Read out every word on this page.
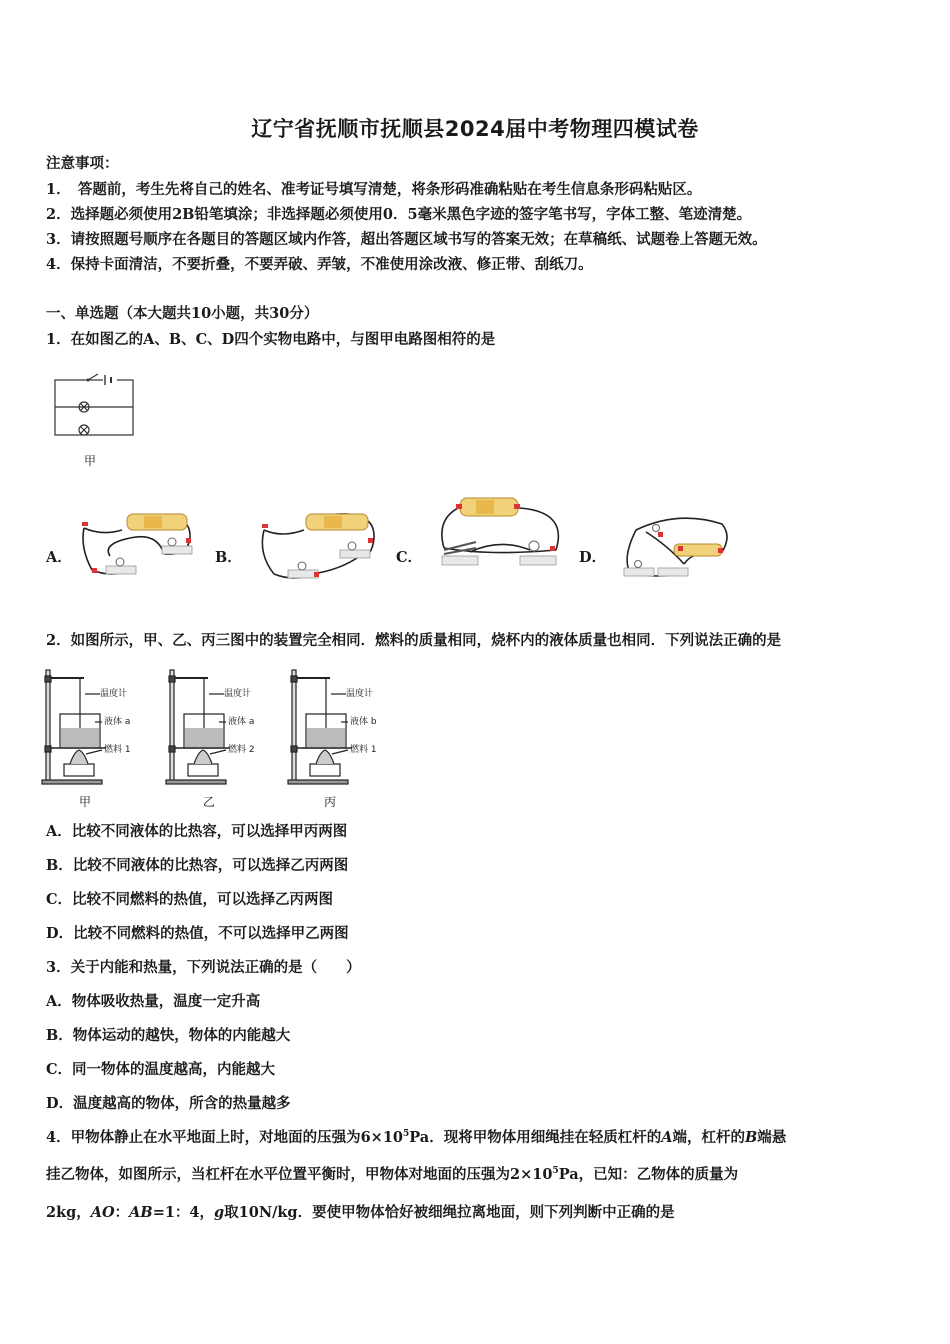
辽宁省抚顺市抚顺县2024届中考物理四模试卷
注意事项：
1．　答题前，考生先将自己的姓名、准考证号填写清楚，将条形码准确粘贴在考生信息条形码粘贴区。
2．选择题必须使用2B铅笔填涂；非选择题必须使用0．5毫米黑色字迹的签字笔书写，字体工整、笔迹清楚。
3．请按照题号顺序在各题目的答题区域内作答，超出答题区域书写的答案无效；在草稿纸、试题卷上答题无效。
4．保持卡面清洁，不要折叠，不要弄破、弄皱，不准使用涂改液、修正带、刮纸刀。
一、单选题（本大题共10小题，共30分）
1．在如图乙的A、B、C、D四个实物电路中，与图甲电路图相符的是
甲
A．	B．	C．	D．
2．如图所示，甲、乙、丙三图中的装置完全相同．燃料的质量相同，烧杯内的液体质量也相同．下列说法正确的是
温度计
液体 a
燃料 1
甲
温度计
液体 a
燃料 2
乙
温度计
液体 b
燃料 1
丙
A．比较不同液体的比热容，可以选择甲丙两图
B．比较不同液体的比热容，可以选择乙丙两图
C．比较不同燃料的热值，可以选择乙丙两图
D．比较不同燃料的热值，不可以选择甲乙两图
3．关于内能和热量，下列说法正确的是（　　）
A．物体吸收热量，温度一定升高
B．物体运动的越快，物体的内能越大
C．同一物体的温度越高，内能越大
D．温度越高的物体，所含的热量越多
4．甲物体静止在水平地面上时，对地面的压强为$6\times 10^5Pa$．现将甲物体用细绳挂在轻质杠杆的A端，杠杆的B端悬
挂乙物体，如图所示，当杠杆在水平位置平衡时，甲物体对地面的压强为$2\times 10^5Pa$，已知：乙物体的质量为
2kg，AO：AB=1：4，g取10N/kg．要使甲物体恰好被细绳拉离地面，则下列判断中正确的是
